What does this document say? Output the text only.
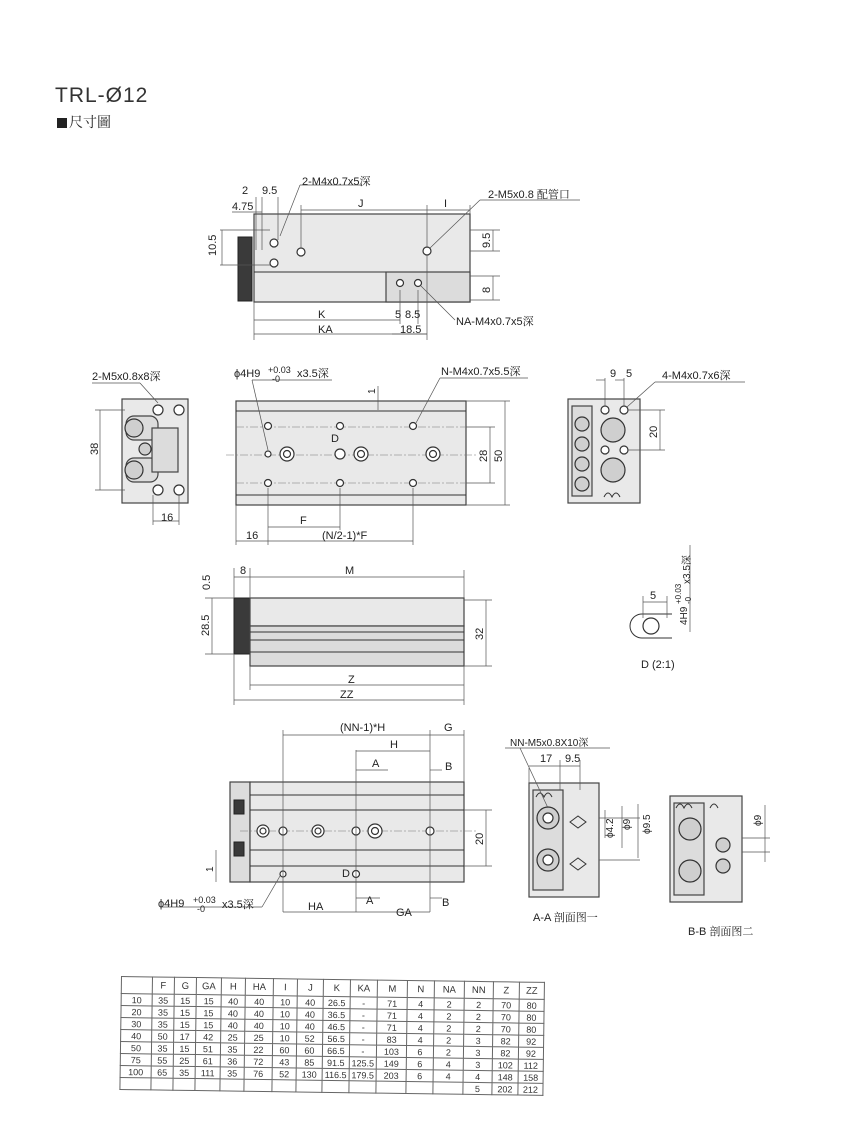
TRL-Ø12
尺寸圖
2 9.5
4.75
10.5
J	I
9.5
8
K	5 8.5
KA	18.5
2-M4x0.7x5深
2-M5x0.8 配管口
NA-M4x0.7x5深
38
16
2-M5x0.8x8深
1
28 50
16
F
(N/2-1)*F
ϕ4H9 +0.03
-0 x3.5深	N-M4x0.7x5.5深
D
9 5
20
4-M4x0.7x6深
0.5
8	M
28.5	32
Z
ZZ
5
4H9
+0.03 -0
x3.5深
D (2:1)
(NN-1)*H	G
H
A	B
20
1
HA	A
GA
B
ϕ4H9 +0.03
-0 x3.5深
D
17 9.5
ϕ4.2 ϕ9 ϕ9.5
NN-M5x0.8X10深
A-A 剖面图一
ϕ9
B-B 剖面图二
	F	G	GA	H	HA	I	J	K	KA	M	N	NA	NN	Z	ZZ
10	35	15	15	40	40	10	40	26.5	-	71	4	2	2	70	80
20	35	15	15	40	40	10	40	36.5	-	71	4	2	2	70	80
30	35	15	15	40	40	10	40	46.5	-	71	4	2	2	70	80
40	50	17	42	25	25	10	52	56.5	-	83	4	2	3	82	92
50	35	15	51	35	22	60	60	66.5	-	103	6	2	3	82	92
75	55	25	61	36	72	43	85	91.5	125.5	149	6	4	3	102	112
100	65	35	111	35	76	52	130	116.5	179.5	203	6	4	4	148	158
													5	202	212
